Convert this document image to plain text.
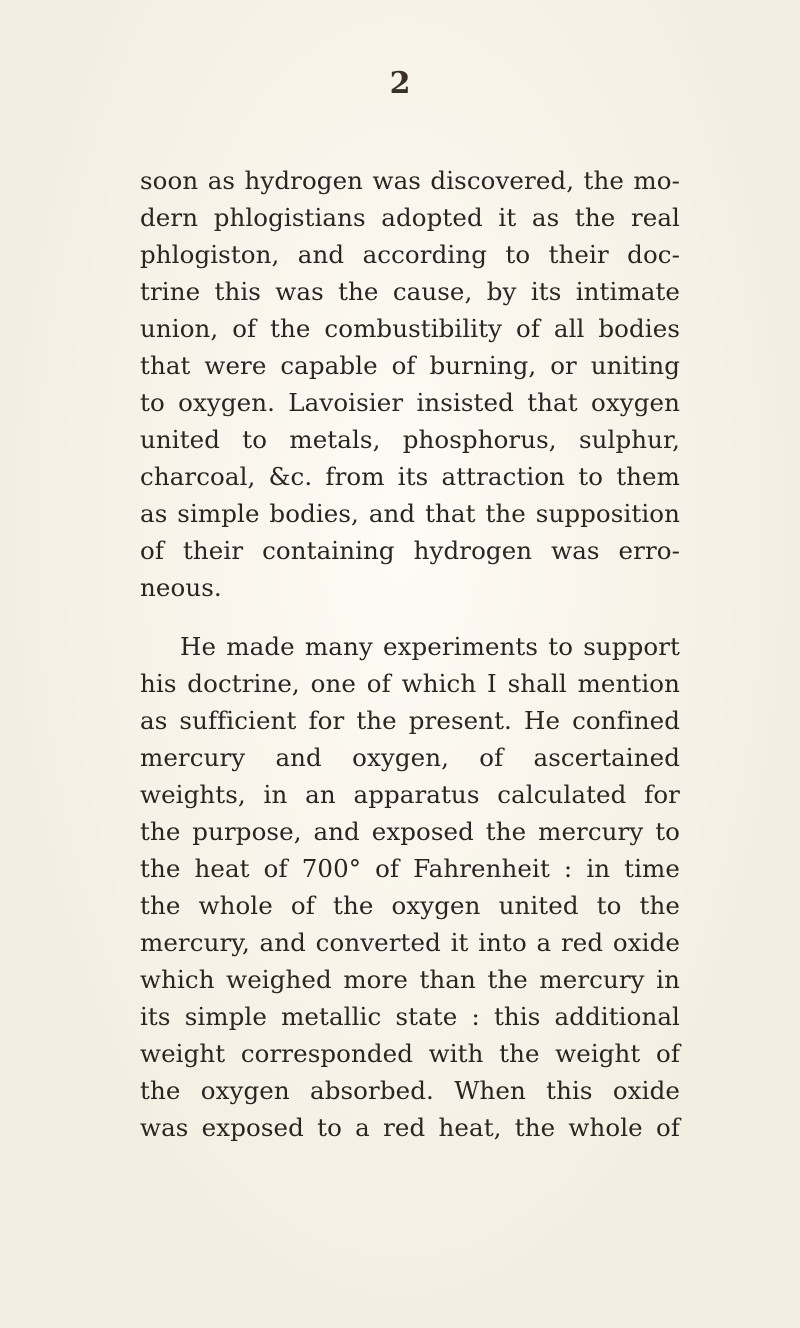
2
soon as hydrogen was discovered, the mo-
dern phlogistians adopted it as the real
phlogiston, and according to their doc-
trine this was the cause, by its intimate
union, of the combustibility of all bodies
that were capable of burning, or uniting
to oxygen. Lavoisier insisted that oxygen
united to metals, phosphorus, sulphur,
charcoal, &c. from its attraction to them
as simple bodies, and that the supposition
of their containing hydrogen was erro-
neous.
He made many experiments to support
his doctrine, one of which I shall mention
as sufficient for the present. He confined
mercury and oxygen, of ascertained
weights, in an apparatus calculated for
the purpose, and exposed the mercury to
the heat of 700° of Fahrenheit : in time
the whole of the oxygen united to the
mercury, and converted it into a red oxide
which weighed more than the mercury in
its simple metallic state : this additional
weight corresponded with the weight of
the oxygen absorbed. When this oxide
was exposed to a red heat, the whole of
